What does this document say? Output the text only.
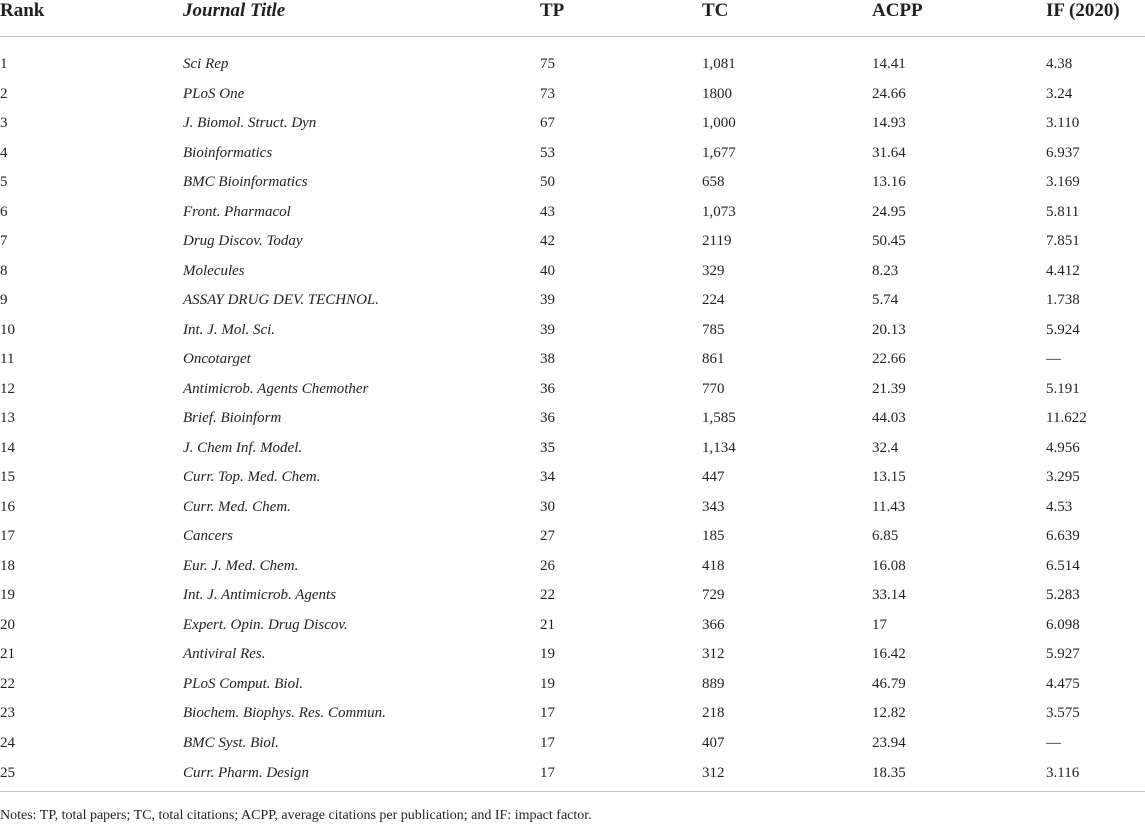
Rank	Journal Title	TP	TC	ACPP	IF (2020)

1	Sci Rep	75	1,081	14.41	4.38
2	PLoS One	73	1800	24.66	3.24
3	J. Biomol. Struct. Dyn	67	1,000	14.93	3.110
4	Bioinformatics	53	1,677	31.64	6.937
5	BMC Bioinformatics	50	658	13.16	3.169
6	Front. Pharmacol	43	1,073	24.95	5.811
7	Drug Discov. Today	42	2119	50.45	7.851
8	Molecules	40	329	8.23	4.412
9	ASSAY DRUG DEV. TECHNOL.	39	224	5.74	1.738
10	Int. J. Mol. Sci.	39	785	20.13	5.924
11	Oncotarget	38	861	22.66	—
12	Antimicrob. Agents Chemother	36	770	21.39	5.191
13	Brief. Bioinform	36	1,585	44.03	11.622
14	J. Chem Inf. Model.	35	1,134	32.4	4.956
15	Curr. Top. Med. Chem.	34	447	13.15	3.295
16	Curr. Med. Chem.	30	343	11.43	4.53
17	Cancers	27	185	6.85	6.639
18	Eur. J. Med. Chem.	26	418	16.08	6.514
19	Int. J. Antimicrob. Agents	22	729	33.14	5.283
20	Expert. Opin. Drug Discov.	21	366	17	6.098
21	Antiviral Res.	19	312	16.42	5.927
22	PLoS Comput. Biol.	19	889	46.79	4.475
23	Biochem. Biophys. Res. Commun.	17	218	12.82	3.575
24	BMC Syst. Biol.	17	407	23.94	—
25	Curr. Pharm. Design	17	312	18.35	3.116
Notes: TP, total papers; TC, total citations; ACPP, average citations per publication; and IF: impact factor.
